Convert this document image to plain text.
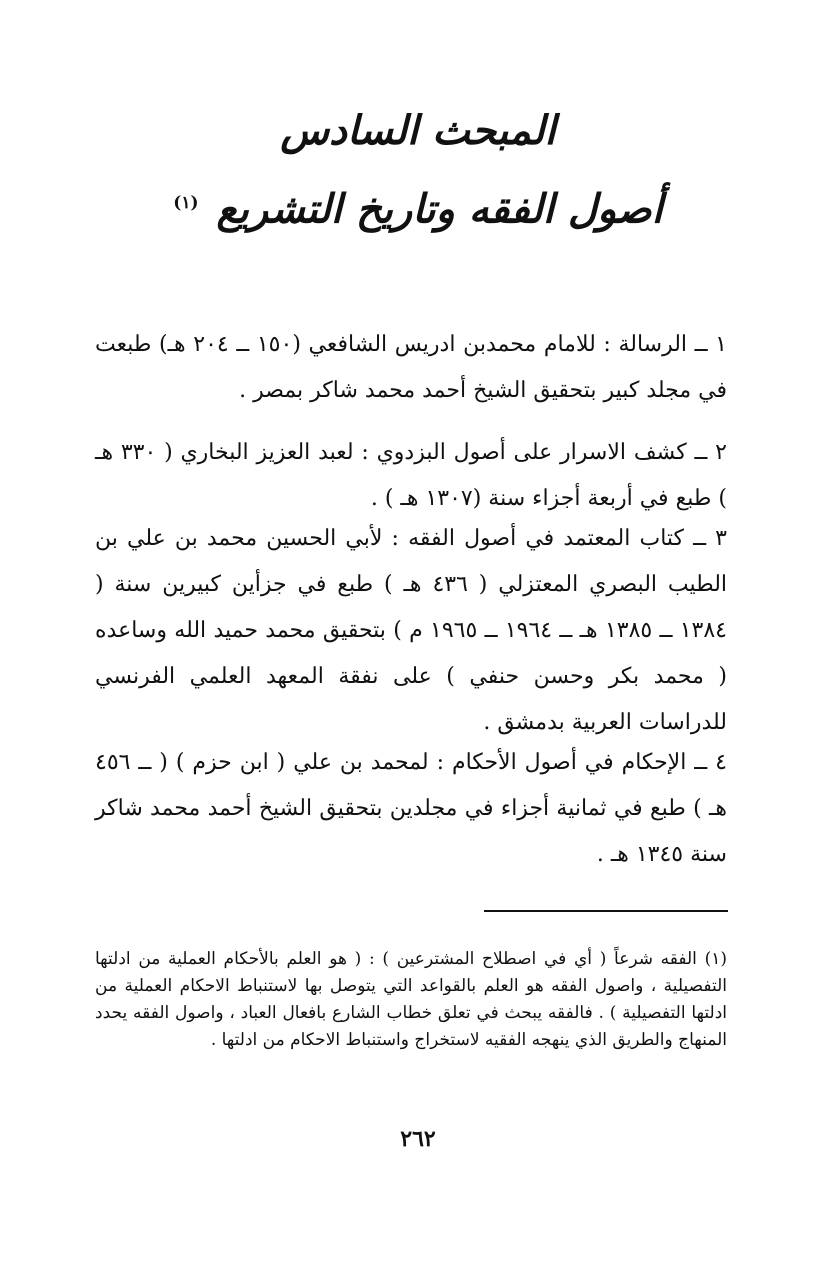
المبحث السادس
أصول الفقه وتاريخ التشريع $^{(١)}$

١ ــ الرسالة : للامام محمدبن ادريس الشافعي (١٥٠ ــ ٢٠٤ هـ) طبعت في مجلد كبير بتحقيق الشيخ أحمد محمد شاكر بمصر .

٢ ــ كشف الاسرار على أصول البزدوي : لعبد العزيز البخاري ( ٣٣٠ هـ ) طبع في أربعة أجزاء سنة (١٣٠٧ هـ ) .

٣ ــ كتاب المعتمد في أصول الفقه : لأبي الحسين محمد بن علي بن الطيب البصري المعتزلي ( ٤٣٦ هـ ) طبع في جزأين كبيرين سنة ( ١٣٨٤ ــ ١٣٨٥ هـ ــ ١٩٦٤ ــ ١٩٦٥ م ) بتحقيق محمد حميد الله وساعده ( محمد بكر وحسن حنفي ) على نفقة المعهد العلمي الفرنسي للدراسات العربية بدمشق .

٤ ــ الإحكام في أصول الأحكام : لمحمد بن علي ( ابن حزم ) ( ــ ٤٥٦ هـ ) طبع في ثمانية أجزاء في مجلدين بتحقيق الشيخ أحمد محمد شاكر سنة ١٣٤٥ هـ .

(١) الفقه شرعاً ( أي في اصطلاح المشترعين ) : ( هو العلم بالأحكام العملية من ادلتها التفصيلية ، واصول الفقه هو العلم بالقواعد التي يتوصل بها لاستنباط الاحكام العملية من ادلتها التفصيلية ) . فالفقه يبحث في تعلق خطاب الشارع بافعال العباد ، واصول الفقه يحدد المنهاج والطريق الذي ينهجه الفقيه لاستخراج واستنباط الاحكام من ادلتها .
٢٦٢
